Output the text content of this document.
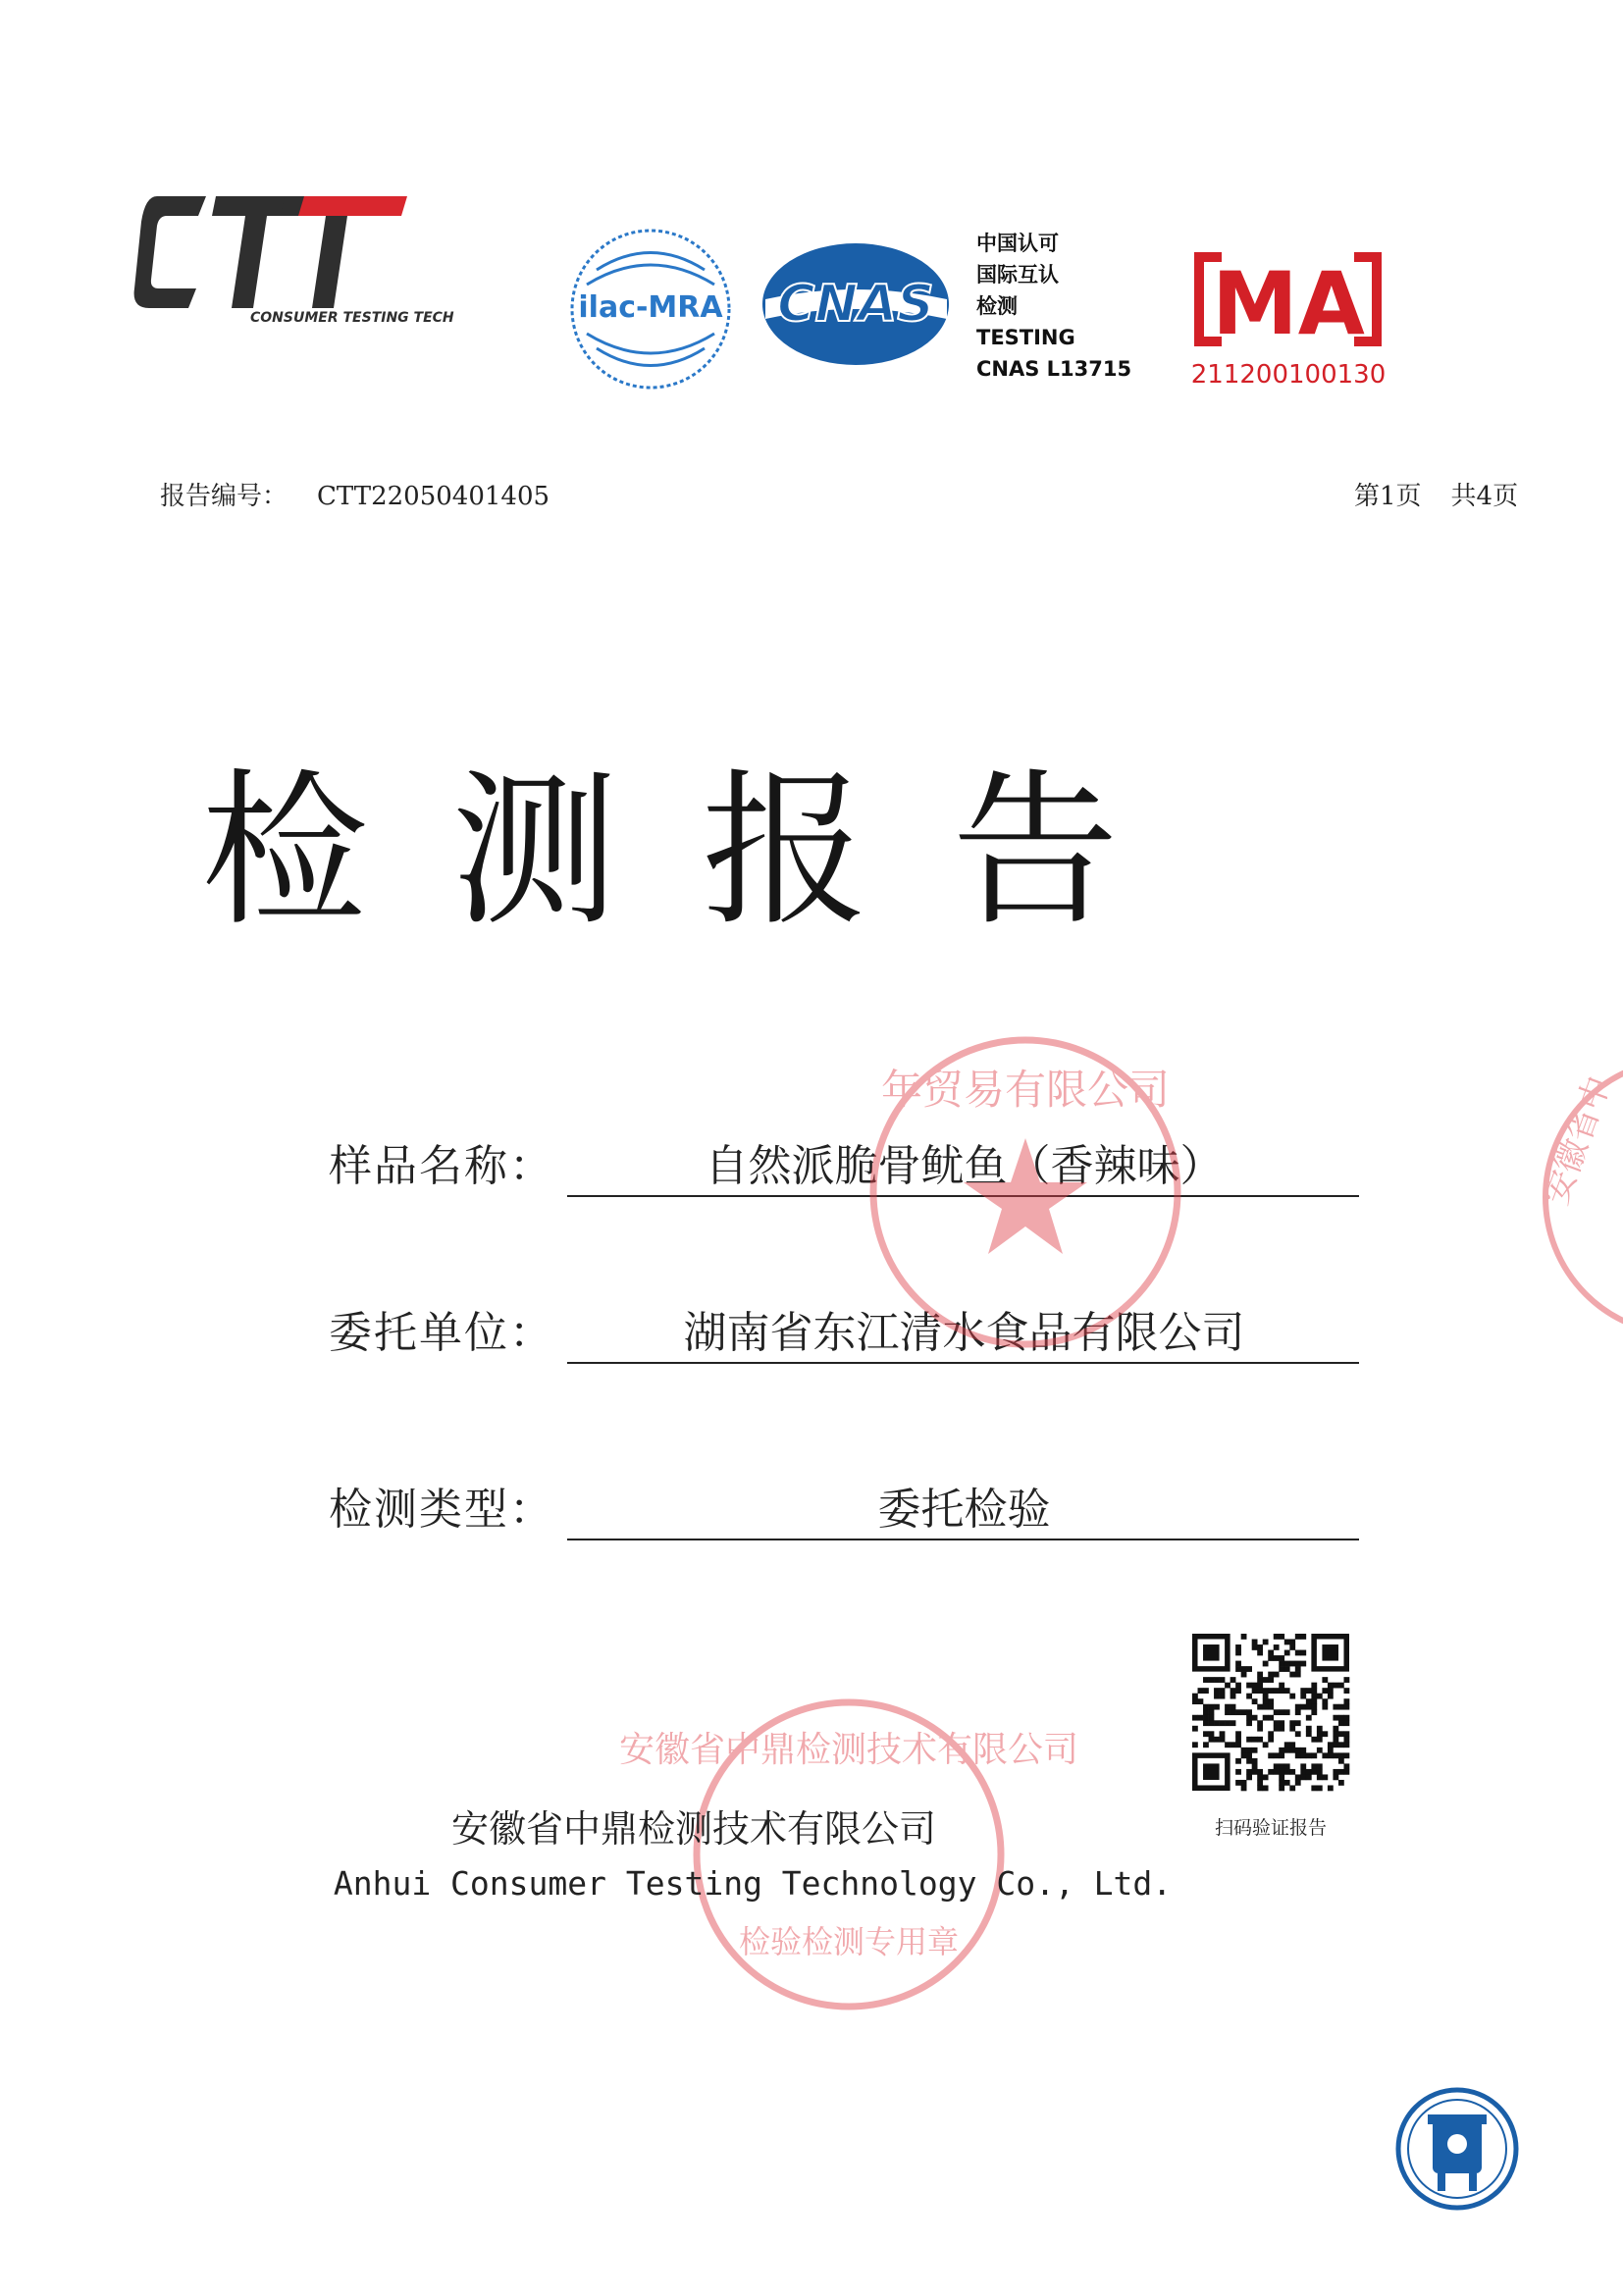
CONSUMER TESTING TECH	ilac-MRA CNAS
中国认可
国际互认
检测
TESTING
CNAS L13715
MA
211200100130
报告编号： CTT22050401405	第1页 共4页
检测报告
样品名称：	自然派脆骨鱿鱼（香辣味）
委托单位：	湖南省东江清水食品有限公司
检测类型：	委托检验
年贸易有限公司	安徽省中
扫码验证报告
安徽省中鼎检测技术有限公司
检验检测专用章
安徽省中鼎检测技术有限公司
Anhui Consumer Testing Technology Co., Ltd.
